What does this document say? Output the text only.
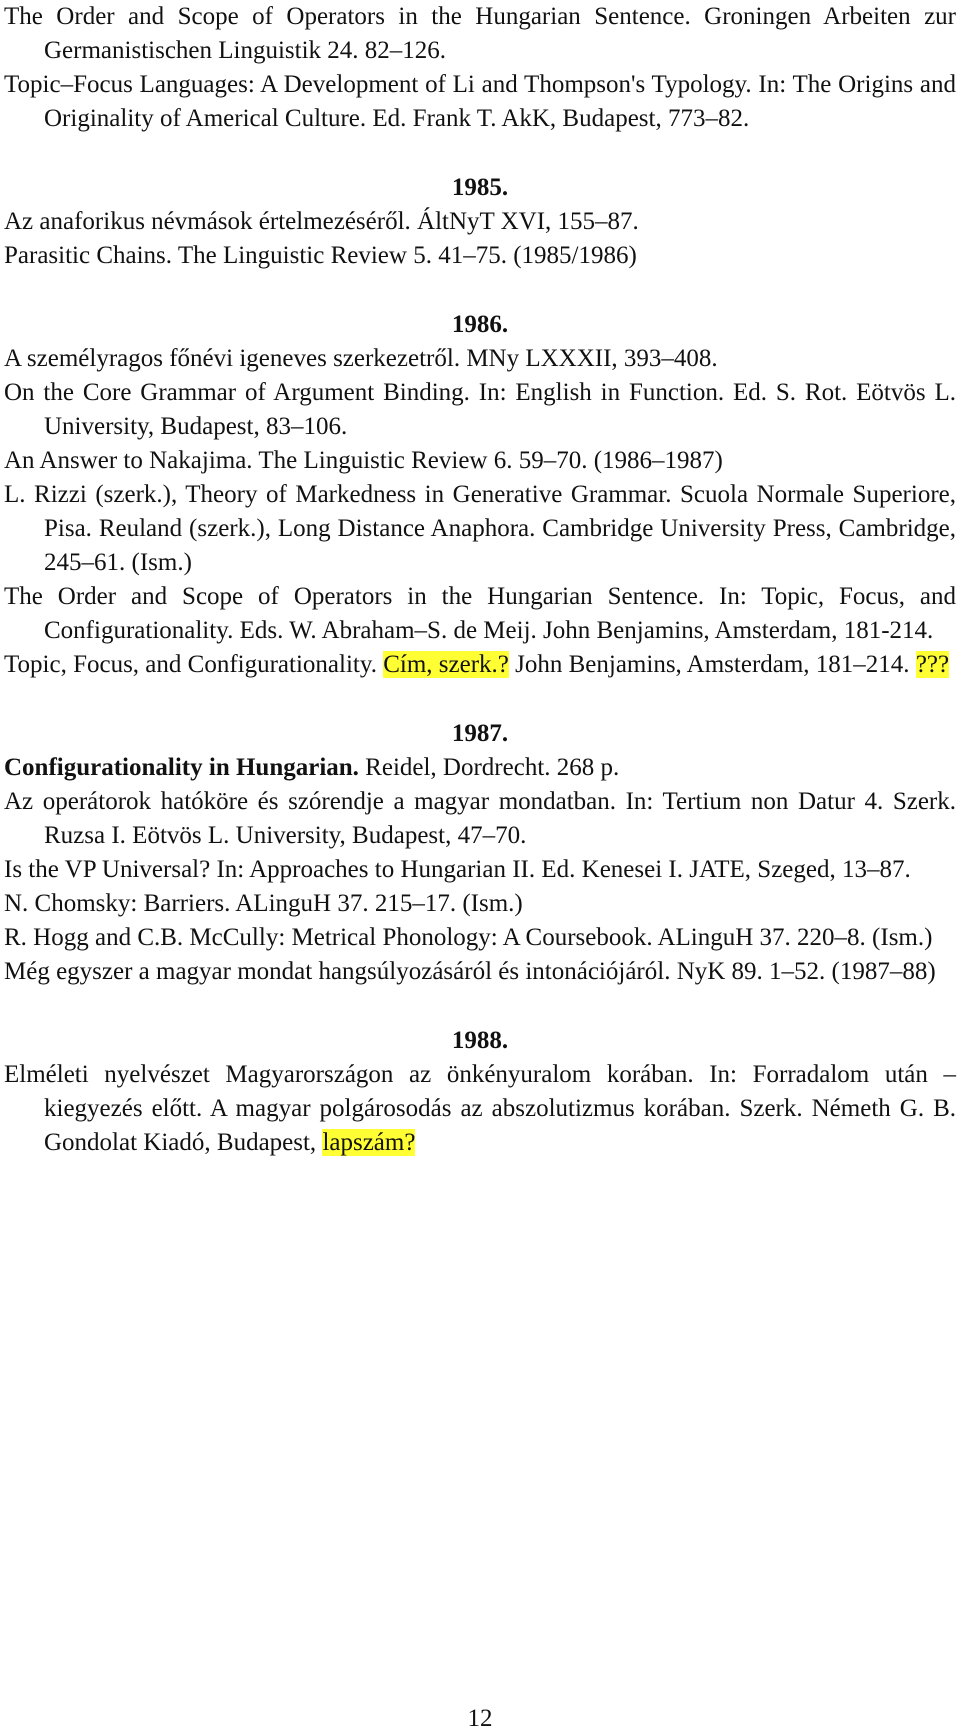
The Order and Scope of Operators in the Hungarian Sentence. Groningen Arbeiten zur Germanistischen Linguistik 24. 82–126.

Topic–Focus Languages: A Development of Li and Thompson's Typology. In: The Origins and Originality of Americal Culture. Ed. Frank T. AkK, Budapest, 773–82.

1985.

Az anaforikus névmások értelmezéséről. ÁltNyT XVI, 155–87.

Parasitic Chains. The Linguistic Review 5. 41–75. (1985/1986)

1986.

A személyragos főnévi igeneves szerkezetről. MNy LXXXII, 393–408.

On the Core Grammar of Argument Binding. In: English in Function. Ed. S. Rot. Eötvös L. University, Budapest, 83–106.

An Answer to Nakajima. The Linguistic Review 6. 59–70. (1986–1987)

L. Rizzi (szerk.), Theory of Markedness in Generative Grammar. Scuola Normale Superiore, Pisa. Reuland (szerk.), Long Distance Anaphora. Cambridge University Press, Cambridge, 245–61. (Ism.)

The Order and Scope of Operators in the Hungarian Sentence. In: Topic, Focus, and Configurationality. Eds. W. Abraham–S. de Meij. John Benjamins, Amsterdam, 181-214.

Topic, Focus, and Configurationality. Cím, szerk.? John Benjamins, Amsterdam, 181–214. ???

1987.

Configurationality in Hungarian. Reidel, Dordrecht. 268 p.

Az operátorok hatóköre és szórendje a magyar mondatban. In: Tertium non Datur 4. Szerk. Ruzsa I. Eötvös L. University, Budapest, 47–70.

Is the VP Universal? In: Approaches to Hungarian II. Ed. Kenesei I. JATE, Szeged, 13–87.

N. Chomsky: Barriers. ALinguH 37. 215–17. (Ism.)

R. Hogg and C.B. McCully: Metrical Phonology: A Coursebook. ALinguH 37. 220–8. (Ism.)

Még egyszer a magyar mondat hangsúlyozásáról és intonációjáról. NyK 89. 1–52. (1987–88)

1988.

Elméleti nyelvészet Magyarországon az önkényuralom korában. In: Forradalom után – kiegyezés előtt. A magyar polgárosodás az abszolutizmus korában. Szerk. Németh G. B. Gondolat Kiadó, Budapest, lapszám?

12
